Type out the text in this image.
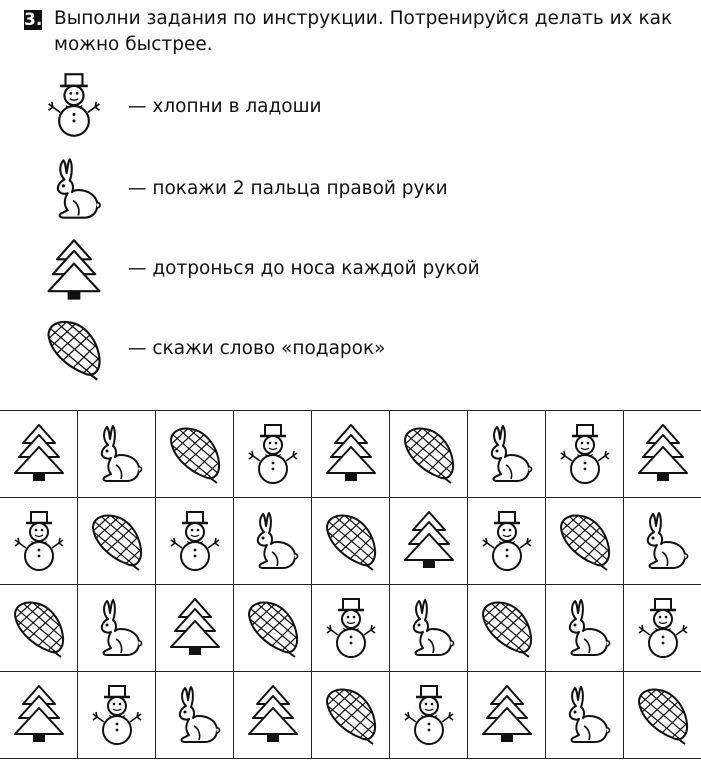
3. Выполни задания по инструкции. Потренируйся делать их как можно быстрее.
— хлопни в ладоши
— покажи 2 пальца правой руки
— дотронься до носа каждой рукой
— скажи слово «подарок»
